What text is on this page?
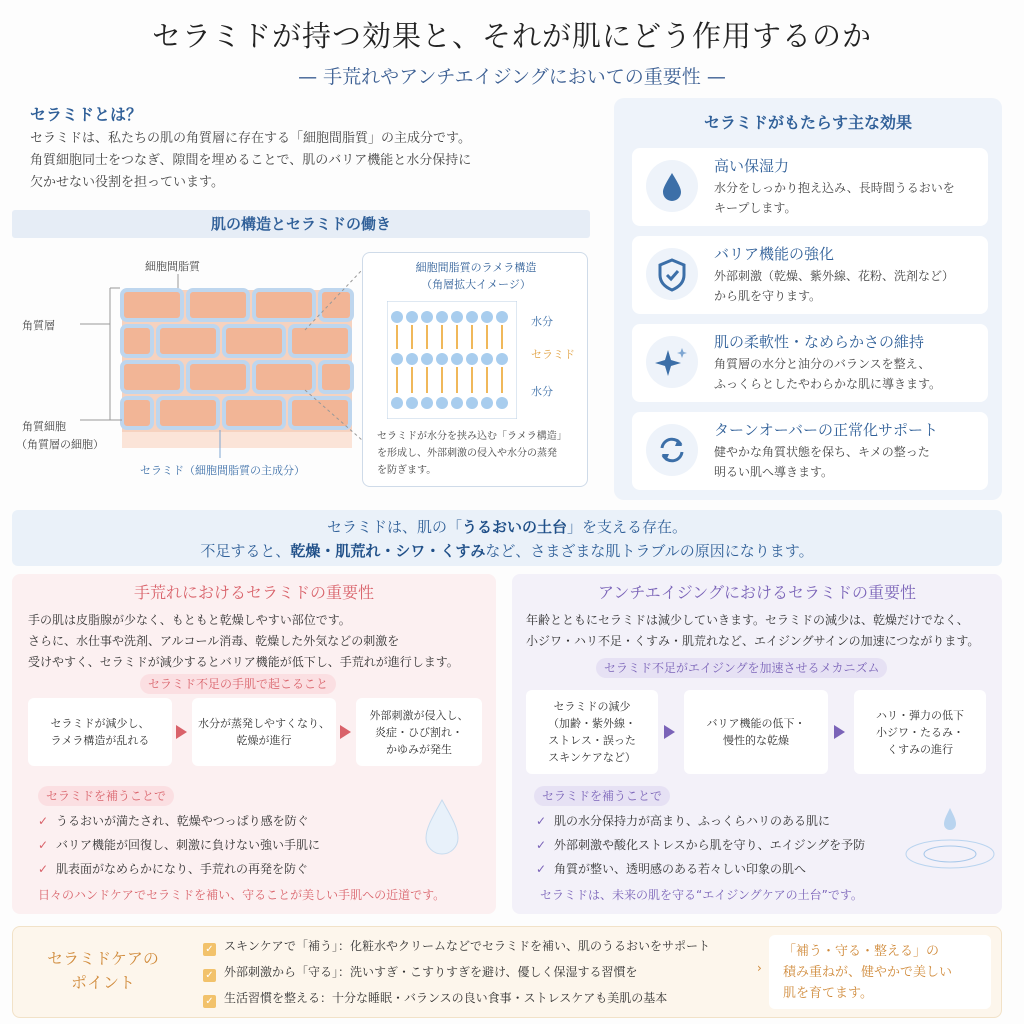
セラミドが持つ効果と、それが肌にどう作用するのか
— 手荒れやアンチエイジングにおいての重要性 —
セラミドとは？
セラミドは、私たちの肌の角質層に存在する「細胞間脂質」の主成分です。
角質細胞同士をつなぎ、隙間を埋めることで、肌のバリア機能と水分保持に
欠かせない役割を担っています。
肌の構造とセラミドの働き
細胞間脂質
角質層
角質細胞
（角質層の細胞）
セラミド（細胞間脂質の主成分）
細胞間脂質のラメラ構造
（角層拡大イメージ）
水分
セラミド
水分
セラミドが水分を挟み込む「ラメラ構造」
を形成し、外部刺激の侵入や水分の蒸発
を防ぎます。
セラミドがもたらす主な効果
高い保湿力
水分をしっかり抱え込み、長時間うるおいを
キープします。
バリア機能の強化
外部刺激（乾燥、紫外線、花粉、洗剤など）
から肌を守ります。
肌の柔軟性・なめらかさの維持
角質層の水分と油分のバランスを整え、
ふっくらとしたやわらかな肌に導きます。
ターンオーバーの正常化サポート
健やかな角質状態を保ち、キメの整った
明るい肌へ導きます。
セラミドは、肌の「うるおいの土台」を支える存在。
不足すると、乾燥・肌荒れ・シワ・くすみなど、さまざまな肌トラブルの原因になります。
手荒れにおけるセラミドの重要性
手の肌は皮脂腺が少なく、もともと乾燥しやすい部位です。
さらに、水仕事や洗剤、アルコール消毒、乾燥した外気などの刺激を
受けやすく、セラミドが減少するとバリア機能が低下し、手荒れが進行します。
セラミド不足の手肌で起こること
セラミドが減少し、
ラメラ構造が乱れる
水分が蒸発しやすくなり、
乾燥が進行
外部刺激が侵入し、
炎症・ひび割れ・
かゆみが発生
セラミドを補うことで
✓ うるおいが満たされ、乾燥やつっぱり感を防ぐ
✓ バリア機能が回復し、刺激に負けない強い手肌に
✓ 肌表面がなめらかになり、手荒れの再発を防ぐ
日々のハンドケアでセラミドを補い、守ることが美しい手肌への近道です。
アンチエイジングにおけるセラミドの重要性
年齢とともにセラミドは減少していきます。セラミドの減少は、乾燥だけでなく、
小ジワ・ハリ不足・くすみ・肌荒れなど、エイジングサインの加速につながります。
セラミド不足がエイジングを加速させるメカニズム
セラミドの減少
（加齢・紫外線・
ストレス・誤った
スキンケアなど）
バリア機能の低下・
慢性的な乾燥
ハリ・弾力の低下
小ジワ・たるみ・
くすみの進行
セラミドを補うことで
✓ 肌の水分保持力が高まり、ふっくらハリのある肌に
✓ 外部刺激や酸化ストレスから肌を守り、エイジングを予防
✓ 角質が整い、透明感のある若々しい印象の肌へ
セラミドは、未来の肌を守る“エイジングケアの土台”です。
セラミドケアの
ポイント
✓ スキンケアで「補う」：化粧水やクリームなどでセラミドを補い、肌のうるおいをサポート
✓ 外部刺激から「守る」：洗いすぎ・こすりすぎを避け、優しく保湿する習慣を
✓ 生活習慣を整える：十分な睡眠・バランスの良い食事・ストレスケアも美肌の基本
›
「補う・守る・整える」の
積み重ねが、健やかで美しい
肌を育てます。
